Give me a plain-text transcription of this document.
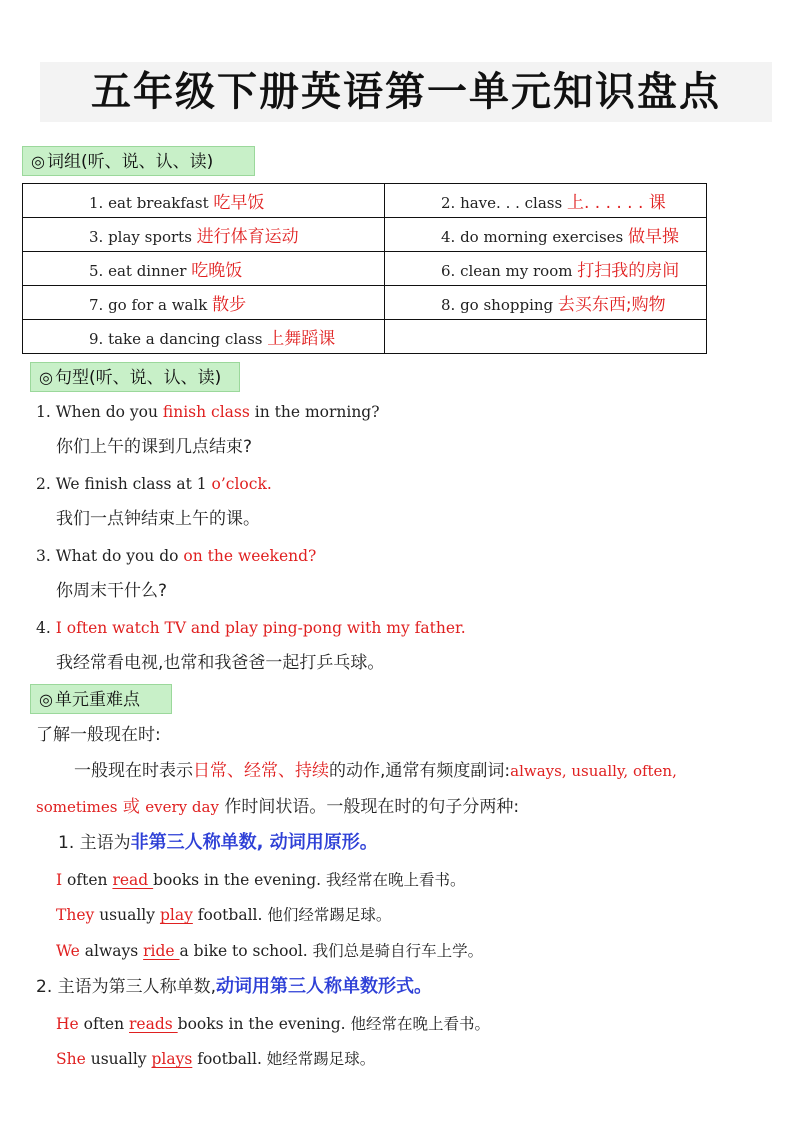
五年级下册英语第一单元知识盘点
◎ 词组(听、说、认、读)
1. eat breakfast 吃早饭	2. have. . . class 上. . . . . . 课
3. play sports 进行体育运动	4. do morning exercises 做早操
5. eat dinner 吃晚饭	6. clean my room 打扫我的房间
7. go for a walk 散步	8. go shopping 去买东西;购物
9. take a dancing class 上舞蹈课	
◎ 句型(听、说、认、读)
1. When do you finish class in the morning?
你们上午的课到几点结束?
2. We finish class at 1 o’clock.
我们一点钟结束上午的课。
3. What do you do on the weekend?
你周末干什么?
4. I often watch TV and play ping-pong with my father.
我经常看电视,也常和我爸爸一起打乒乓球。
◎ 单元重难点
了解一般现在时:
一般现在时表示日常、经常、持续的动作,通常有频度副词:always, usually, often,
sometimes 或 every day 作时间状语。一般现在时的句子分两种:
1. 主语为非第三人称单数, 动词用原形。
I often read books in the evening. 我经常在晚上看书。
They usually play football. 他们经常踢足球。
We always ride a bike to school. 我们总是骑自行车上学。
2. 主语为第三人称单数,动词用第三人称单数形式。
He often reads books in the evening. 他经常在晚上看书。
She usually plays football. 她经常踢足球。
